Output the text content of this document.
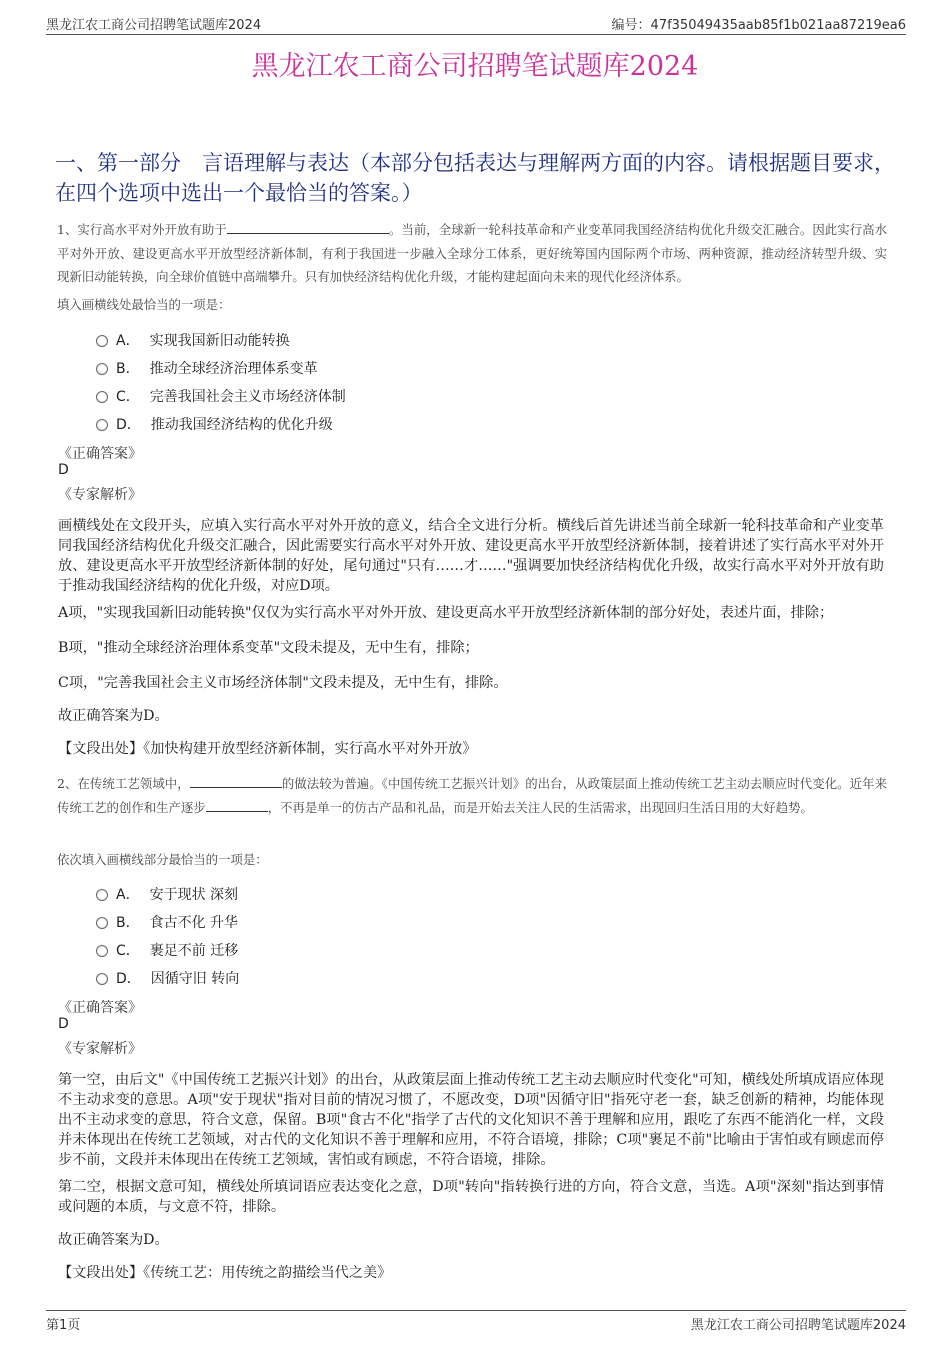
黑龙江农工商公司招聘笔试题库2024	编号：47f35049435aab85f1b021aa87219ea6
黑龙江农工商公司招聘笔试题库2024
一、第一部分　言语理解与表达（本部分包括表达与理解两方面的内容。请根据题目要求，在四个选项中选出一个最恰当的答案。）
1、实行高水平对外开放有助于	。当前，全球新一轮科技革命和产业变革同我国经济结构优化升级交汇融合。因此实行高水平对外开放、建设更高水平开放型经济新体制，有利于我国进一步融入全球分工体系，更好统筹国内国际两个市场、两种资源，推动经济转型升级、实现新旧动能转换，向全球价值链中高端攀升。只有加快经济结构优化升级，才能构建起面向未来的现代化经济体系。
填入画横线处最恰当的一项是：
A． 实现我国新旧动能转换
B． 推动全球经济治理体系变革
C． 完善我国社会主义市场经济体制
D． 推动我国经济结构的优化升级
《正确答案》
D
《专家解析》
画横线处在文段开头，应填入实行高水平对外开放的意义，结合全文进行分析。横线后首先讲述当前全球新一轮科技革命和产业变革同我国经济结构优化升级交汇融合，因此需要实行高水平对外开放、建设更高水平开放型经济新体制，接着讲述了实行高水平对外开放、建设更高水平开放型经济新体制的好处，尾句通过"只有……才……"强调要加快经济结构优化升级，故实行高水平对外开放有助于推动我国经济结构的优化升级，对应D项。
A项，"实现我国新旧动能转换"仅仅为实行高水平对外开放、建设更高水平开放型经济新体制的部分好处，表述片面，排除；
B项，"推动全球经济治理体系变革"文段未提及，无中生有，排除；
C项，"完善我国社会主义市场经济体制"文段未提及，无中生有，排除。
故正确答案为D。
【文段出处】《加快构建开放型经济新体制，实行高水平对外开放》
2、在传统工艺领域中，	的做法较为普遍。《中国传统工艺振兴计划》的出台，从政策层面上推动传统工艺主动去顺应时代变化。近年来传统工艺的创作和生产逐步	，不再是单一的仿古产品和礼品，而是开始去关注人民的生活需求，出现回归生活日用的大好趋势。
依次填入画横线部分最恰当的一项是：
A． 安于现状 深刻
B． 食古不化 升华
C． 裹足不前 迁移
D． 因循守旧 转向
《正确答案》
D
《专家解析》
第一空，由后文"《中国传统工艺振兴计划》的出台，从政策层面上推动传统工艺主动去顺应时代变化"可知，横线处所填成语应体现不主动求变的意思。A项"安于现状"指对目前的情况习惯了，不愿改变，D项"因循守旧"指死守老一套，缺乏创新的精神，均能体现出不主动求变的意思，符合文意，保留。B项"食古不化"指学了古代的文化知识不善于理解和应用，跟吃了东西不能消化一样，文段并未体现出在传统工艺领域，对古代的文化知识不善于理解和应用，不符合语境，排除；C项"裹足不前"比喻由于害怕或有顾虑而停步不前，文段并未体现出在传统工艺领域，害怕或有顾虑，不符合语境，排除。
第二空，根据文意可知，横线处所填词语应表达变化之意，D项"转向"指转换行进的方向，符合文意，当选。A项"深刻"指达到事情或问题的本质，与文意不符，排除。
故正确答案为D。
【文段出处】《传统工艺：用传统之韵描绘当代之美》
第1页	黑龙江农工商公司招聘笔试题库2024
